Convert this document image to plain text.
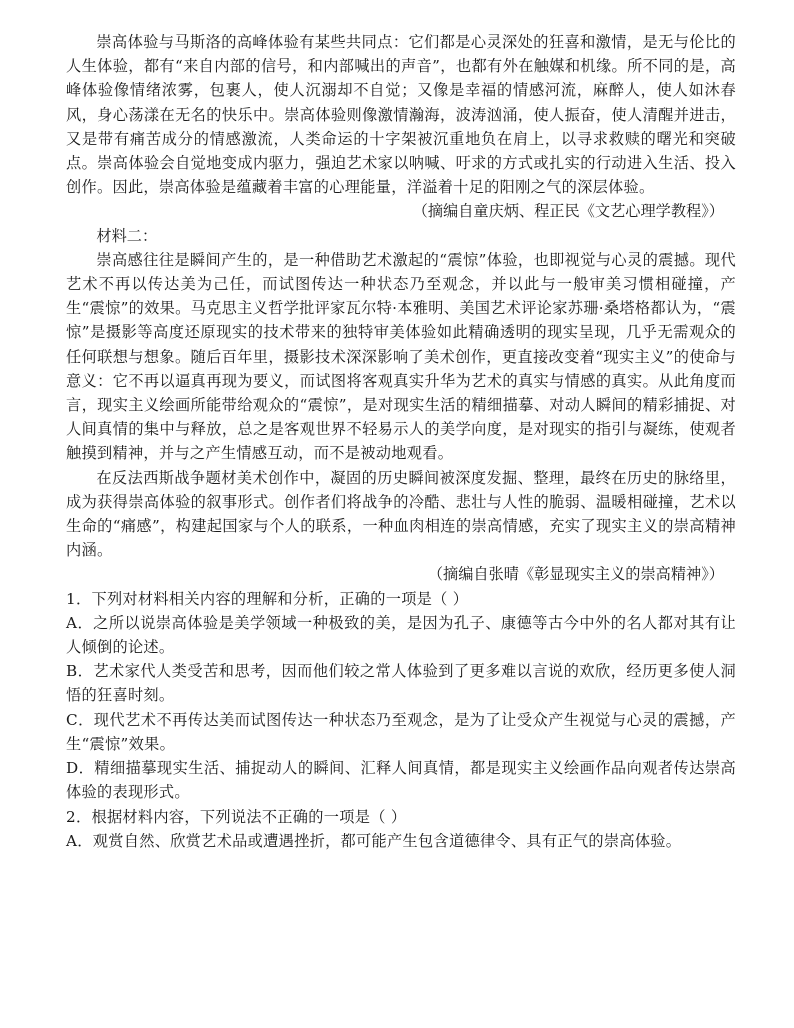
崇高体验与马斯洛的高峰体验有某些共同点：它们都是心灵深处的狂喜和激情，是无与伦比的人生体验，都有“来自内部的信号，和内部喊出的声音”，也都有外在触媒和机缘。所不同的是，高峰体验像情绪浓雾，包裹人，使人沉溺却不自觉；又像是幸福的情感河流，麻醉人，使人如沐春风，身心荡漾在无名的快乐中。崇高体验则像激情瀚海，波涛汹涌，使人振奋，使人清醒并进击，又是带有痛苦成分的情感激流，人类命运的十字架被沉重地负在肩上，以寻求救赎的曙光和突破点。崇高体验会自觉地变成内驱力，强迫艺术家以呐喊、吁求的方式或扎实的行动进入生活、投入创作。因此，崇高体验是蕴藏着丰富的心理能量，洋溢着十足的阳刚之气的深层体验。

（摘编自童庆炳、程正民《文艺心理学教程》）

材料二：

崇高感往往是瞬间产生的，是一种借助艺术激起的“震惊”体验，也即视觉与心灵的震撼。现代艺术不再以传达美为己任，而试图传达一种状态乃至观念，并以此与一般审美习惯相碰撞，产生“震惊”的效果。马克思主义哲学批评家瓦尔特·本雅明、美国艺术评论家苏珊·桑塔格都认为，“震惊”是摄影等高度还原现实的技术带来的独特审美体验如此精确透明的现实呈现，几乎无需观众的任何联想与想象。随后百年里，摄影技术深深影响了美术创作，更直接改变着“现实主义”的使命与意义：它不再以逼真再现为要义，而试图将客观真实升华为艺术的真实与情感的真实。从此角度而言，现实主义绘画所能带给观众的“震惊”，是对现实生活的精细描摹、对动人瞬间的精彩捕捉、对人间真情的集中与释放，总之是客观世界不轻易示人的美学向度，是对现实的指引与凝练，使观者触摸到精神，并与之产生情感互动，而不是被动地观看。

在反法西斯战争题材美术创作中，凝固的历史瞬间被深度发掘、整理，最终在历史的脉络里，成为获得崇高体验的叙事形式。创作者们将战争的冷酷、悲壮与人性的脆弱、温暖相碰撞，艺术以生命的“痛感”，构建起国家与个人的联系，一种血肉相连的崇高情感，充实了现实主义的崇高精神内涵。

（摘编自张晴《彰显现实主义的崇高精神》）

1．下列对材料相关内容的理解和分析，正确的一项是（ ）

A．之所以说崇高体验是美学领域一种极致的美，是因为孔子、康德等古今中外的名人都对其有让人倾倒的论述。

B．艺术家代人类受苦和思考，因而他们较之常人体验到了更多难以言说的欢欣，经历更多使人洞悟的狂喜时刻。

C．现代艺术不再传达美而试图传达一种状态乃至观念，是为了让受众产生视觉与心灵的震撼，产生“震惊”效果。

D．精细描摹现实生活、捕捉动人的瞬间、汇释人间真情，都是现实主义绘画作品向观者传达崇高体验的表现形式。

2．根据材料内容，下列说法不正确的一项是（ ）

A．观赏自然、欣赏艺术品或遭遇挫折，都可能产生包含道德律令、具有正气的崇高体验。
